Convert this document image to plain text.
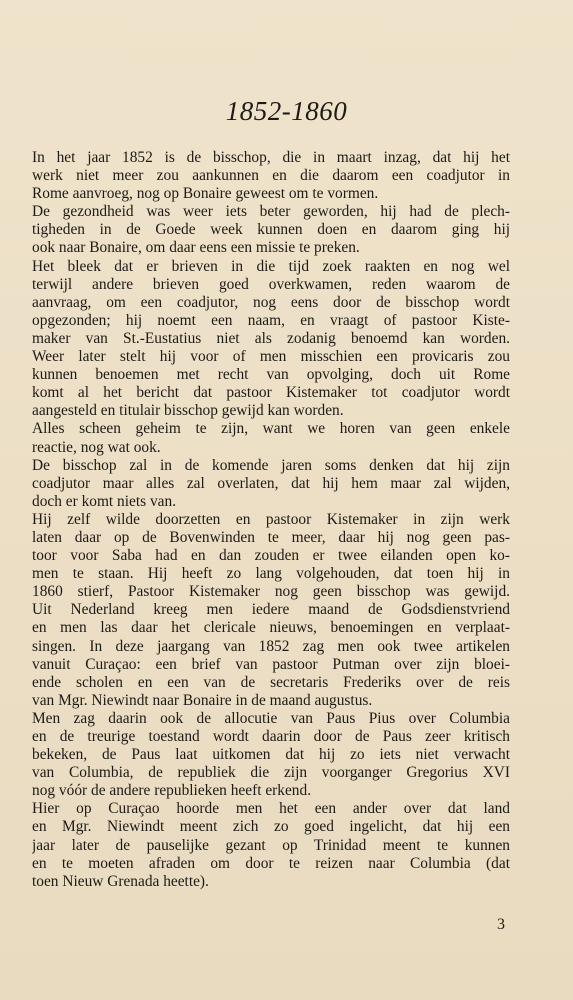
1852-1860
In het jaar 1852 is de bisschop, die in maart inzag, dat hij het
werk niet meer zou aankunnen en die daarom een coadjutor in
Rome aanvroeg, nog op Bonaire geweest om te vormen.
De gezondheid was weer iets beter geworden, hij had de plech-
tigheden in de Goede week kunnen doen en daarom ging hij
ook naar Bonaire, om daar eens een missie te preken.
Het bleek dat er brieven in die tijd zoek raakten en nog wel
terwijl andere brieven goed overkwamen, reden waarom de
aanvraag, om een coadjutor, nog eens door de bisschop wordt
opgezonden; hij noemt een naam, en vraagt of pastoor Kiste-
maker van St.-Eustatius niet als zodanig benoemd kan worden.
Weer later stelt hij voor of men misschien een provicaris zou
kunnen benoemen met recht van opvolging, doch uit Rome
komt al het bericht dat pastoor Kistemaker tot coadjutor wordt
aangesteld en titulair bisschop gewijd kan worden.
Alles scheen geheim te zijn, want we horen van geen enkele
reactie, nog wat ook.
De bisschop zal in de komende jaren soms denken dat hij zijn
coadjutor maar alles zal overlaten, dat hij hem maar zal wijden,
doch er komt niets van.
Hij zelf wilde doorzetten en pastoor Kistemaker in zijn werk
laten daar op de Bovenwinden te meer, daar hij nog geen pas-
toor voor Saba had en dan zouden er twee eilanden open ko-
men te staan. Hij heeft zo lang volgehouden, dat toen hij in
1860 stierf, Pastoor Kistemaker nog geen bisschop was gewijd.
Uit Nederland kreeg men iedere maand de Godsdienstvriend
en men las daar het clericale nieuws, benoemingen en verplaat-
singen. In deze jaargang van 1852 zag men ook twee artikelen
vanuit Curaçao: een brief van pastoor Putman over zijn bloei-
ende scholen en een van de secretaris Frederiks over de reis
van Mgr. Niewindt naar Bonaire in de maand augustus.
Men zag daarin ook de allocutie van Paus Pius over Columbia
en de treurige toestand wordt daarin door de Paus zeer kritisch
bekeken, de Paus laat uitkomen dat hij zo iets niet verwacht
van Columbia, de republiek die zijn voorganger Gregorius XVI
nog vóór de andere republieken heeft erkend.
Hier op Curaçao hoorde men het een ander over dat land
en Mgr. Niewindt meent zich zo goed ingelicht, dat hij een
jaar later de pauselijke gezant op Trinidad meent te kunnen
en te moeten afraden om door te reizen naar Columbia (dat
toen Nieuw Grenada heette).
3
